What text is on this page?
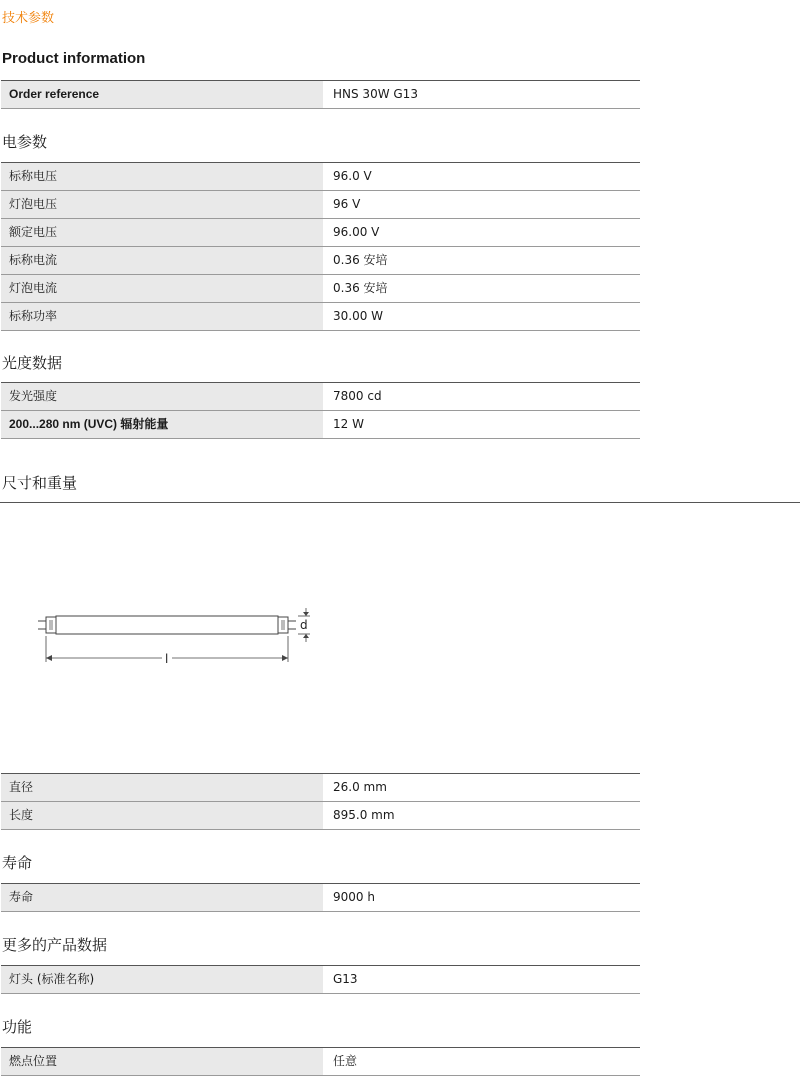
技术参数
Product information
Order reference	HNS 30W G13
电参数
标称电压	96.0 V
灯泡电压	96 V
额定电压	96.00 V
标称电流	0.36 安培
灯泡电流	0.36 安培
标称功率	30.00 W
光度数据
发光强度	7800 cd
200...280 nm (UVC) 辐射能量	12 W
尺寸和重量
d
l
直径	26.0 mm
长度	895.0 mm
寿命
寿命	9000 h
更多的产品数据
灯头 (标准名称)	G13
功能
燃点位置	任意
